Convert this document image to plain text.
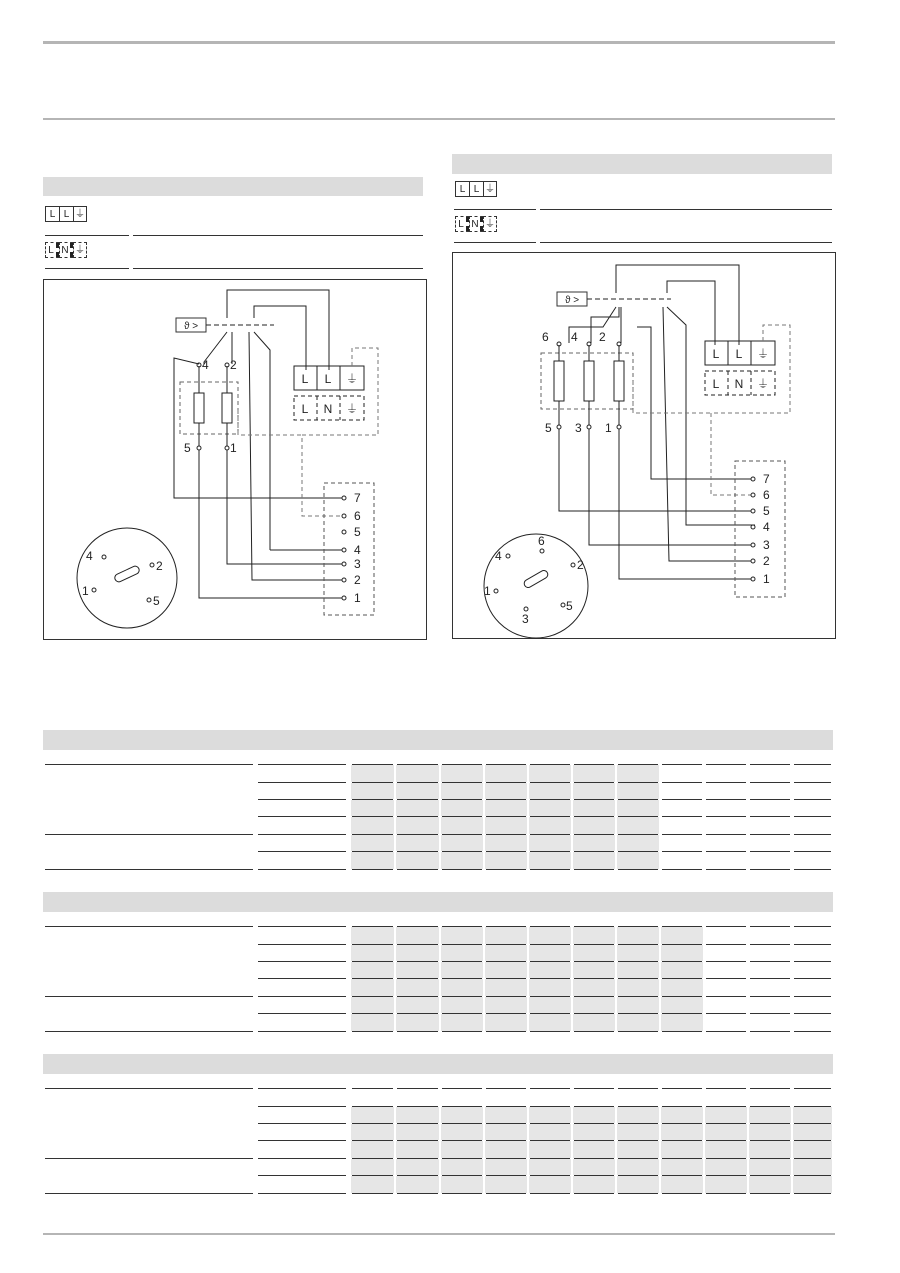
L L ⏚
L N ⏚
L L ⏚
L N ⏚
ϑ >
4 2
5	1
L L ⏚
L N ⏚
7
6
5
4
3
2
1
4
2
1
5
ϑ >
6 4 2
5 3 1
L L ⏚
L N ⏚
7
6
5
4
3
2
1
6
4
2
1
5
3
